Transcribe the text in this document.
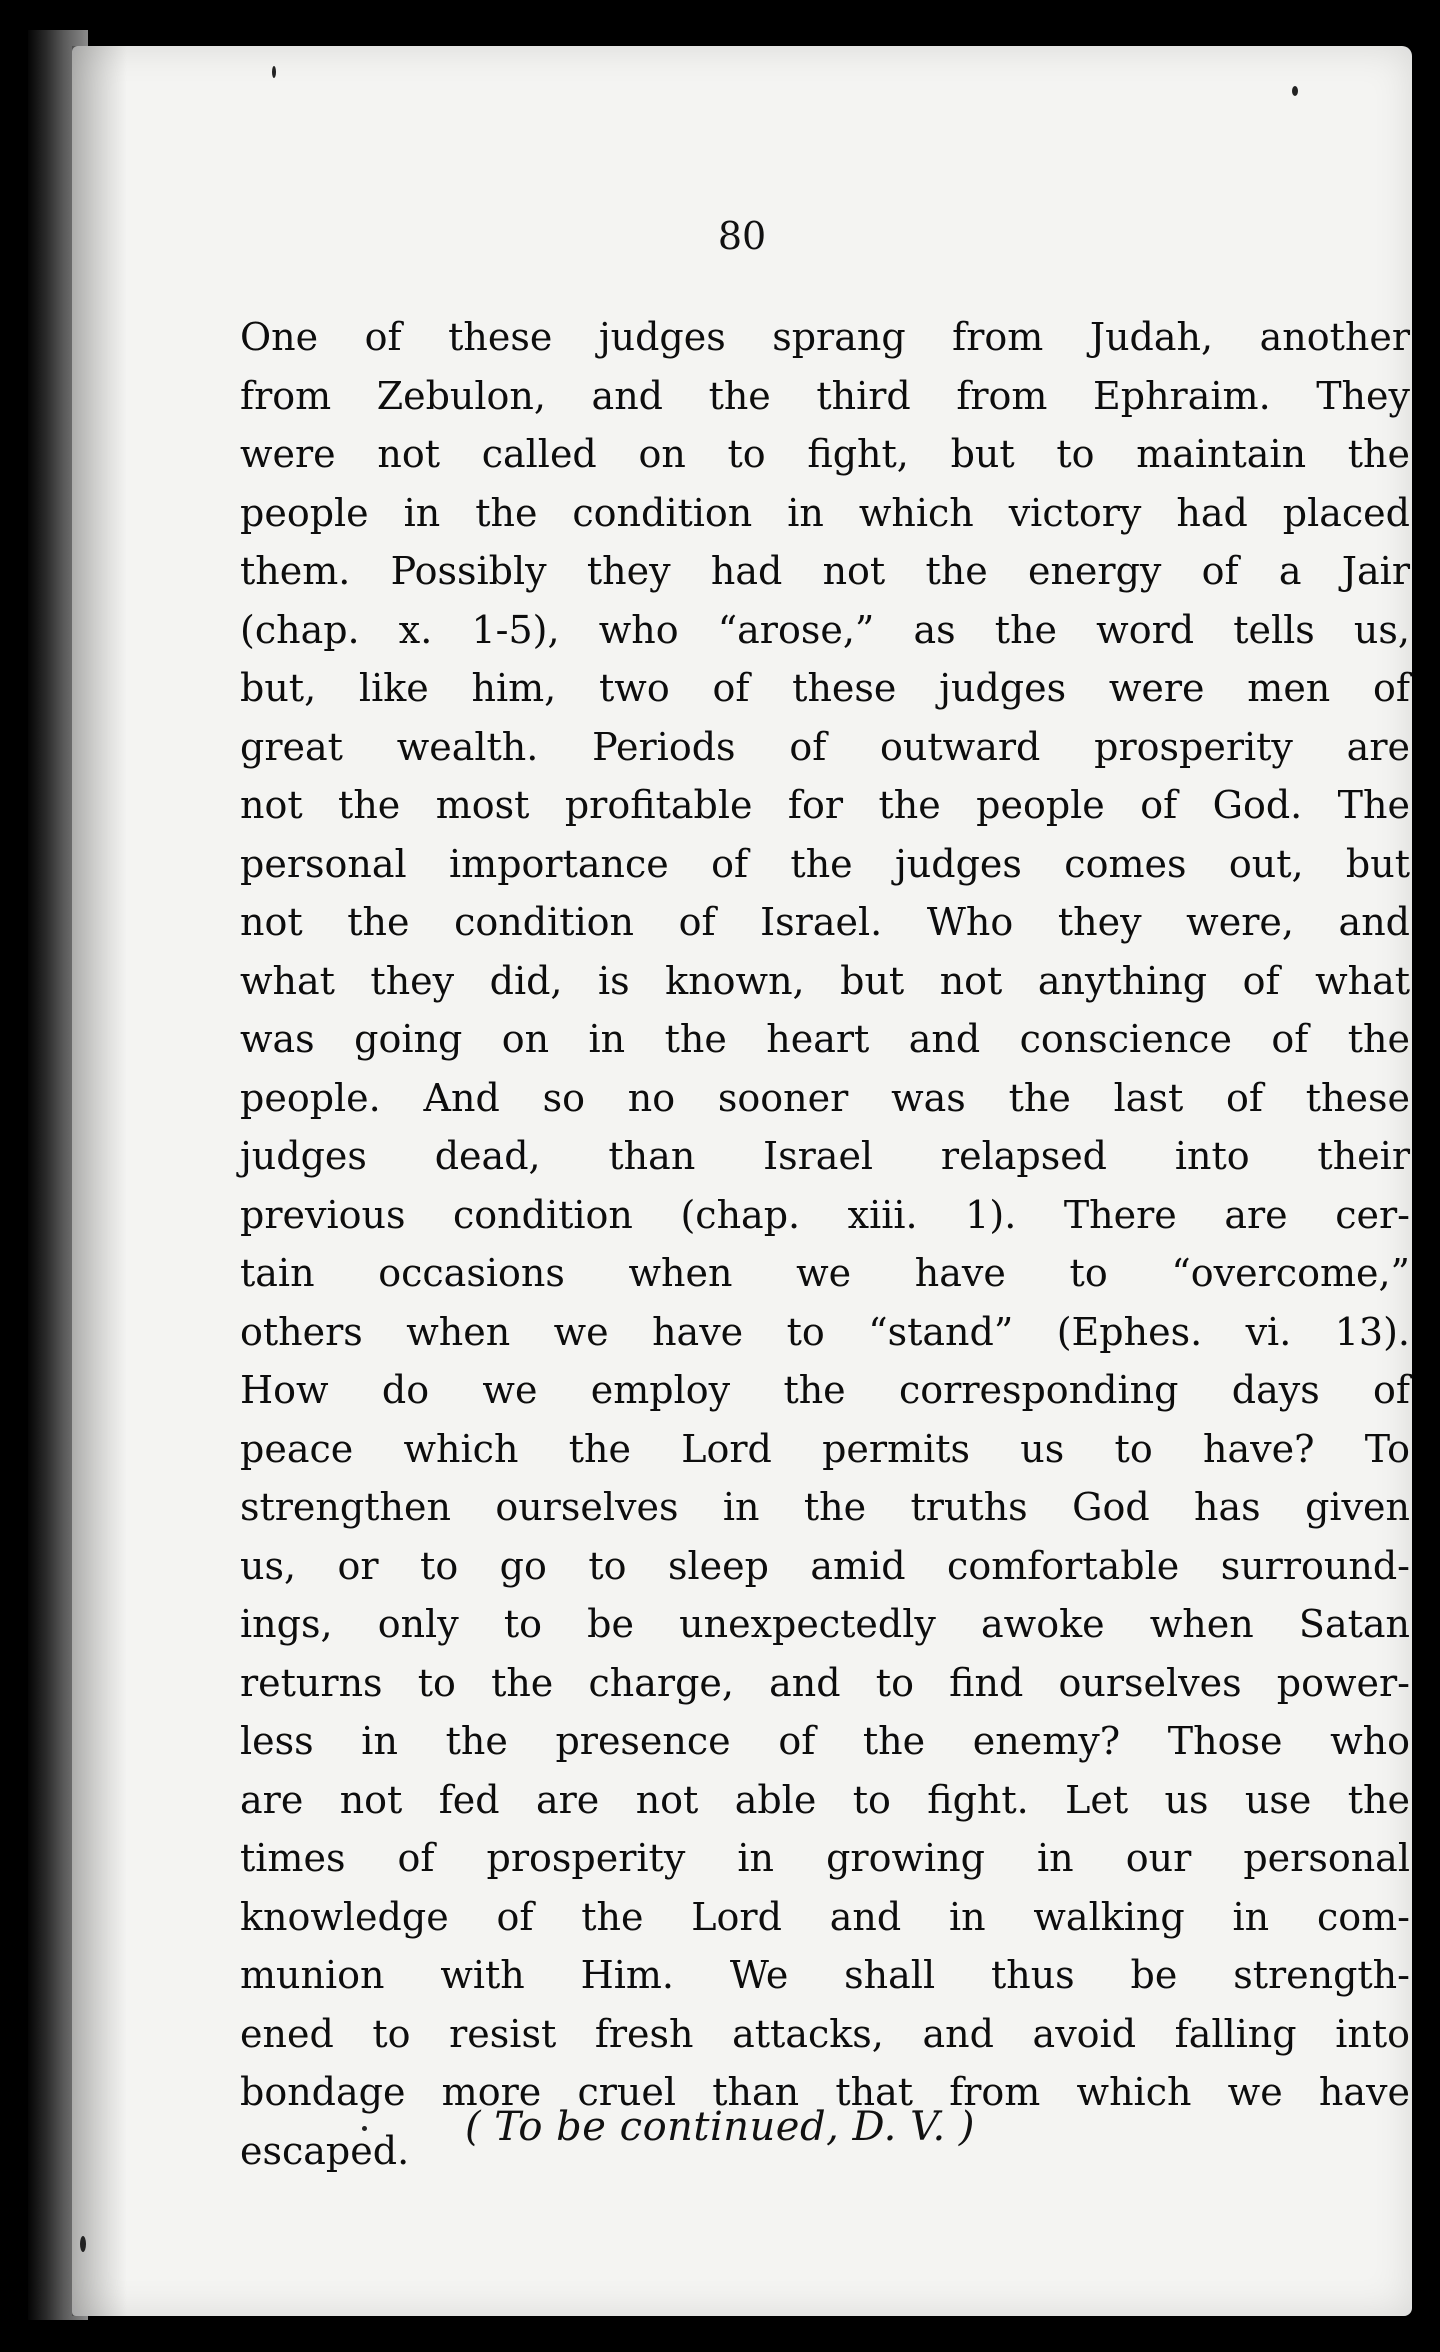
80

One of these judges sprang from Judah, another
from Zebulon, and the third from Ephraim. They
were not called on to fight, but to maintain the
people in the condition in which victory had placed
them. Possibly they had not the energy of a Jair
(chap. x. 1-5), who “arose,” as the word tells us,
but, like him, two of these judges were men of
great wealth. Periods of outward prosperity are
not the most profitable for the people of God. The
personal importance of the judges comes out, but
not the condition of Israel. Who they were, and
what they did, is known, but not anything of what
was going on in the heart and conscience of the
people. And so no sooner was the last of these
judges dead, than Israel relapsed into their
previous condition (chap. xiii. 1). There are cer-
tain occasions when we have to “overcome,”
others when we have to “stand” (Ephes. vi. 13).
How do we employ the corresponding days of
peace which the Lord permits us to have? To
strengthen ourselves in the truths God has given
us, or to go to sleep amid comfortable surround-
ings, only to be unexpectedly awoke when Satan
returns to the charge, and to find ourselves power-
less in the presence of the enemy? Those who
are not fed are not able to fight. Let us use the
times of prosperity in growing in our personal
knowledge of the Lord and in walking in com-
munion with Him. We shall thus be strength-
ened to resist fresh attacks, and avoid falling into
bondage more cruel than that from which we have
escaped.

( To be continued, D. V. )
